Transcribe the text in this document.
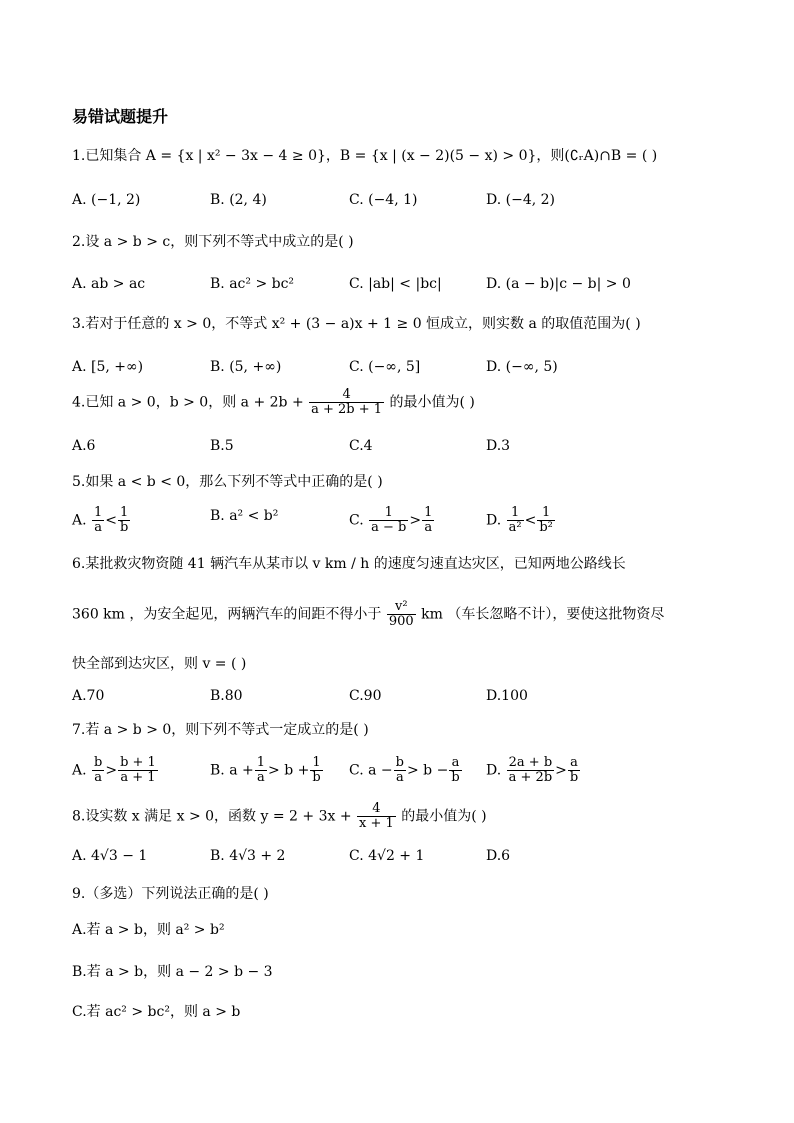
易错试题提升
1.已知集合 A = {x | x² − 3x − 4 ≥ 0}，B = {x | (x − 2)(5 − x) > 0}，则(∁ᵣA)∩B = ( )
A. (−1, 2)	B. (2, 4)	C. (−4, 1)	D. (−4, 2)
2.设 a > b > c，则下列不等式中成立的是( )
A. ab > ac	B. ac² > bc²	C. |ab| < |bc|	D. (a − b)|c − b| > 0
3.若对于任意的 x > 0，不等式 x² + (3 − a)x + 1 ≥ 0 恒成立，则实数 a 的取值范围为( )
A. [5, +∞)	B. (5, +∞)	C. (−∞, 5]	D. (−∞, 5)
4.已知 a > 0，b > 0，则 $a + 2b + \frac{4}{a + 2b + 1}$ 的最小值为( )
A.6	B.5	C.4	D.3
5.如果 a < b < 0，那么下列不等式中正确的是( )
A. $\frac{1}{a} < \frac{1}{b}$	B. a² < b²	C. $\frac{1}{a - b} > \frac{1}{a}$	D. $\frac{1}{\text{a²}} < \frac{1}{\text{b²}}$
6.某批救灾物资随 41 辆汽车从某市以 v km / h 的速度匀速直达灾区，已知两地公路线长
360 km ，为安全起见，两辆汽车的间距不得小于 $\frac{\text{v²}}{900}$ km （车长忽略不计），要使这批物资尽
快全部到达灾区，则 v = ( )
A.70	B.80	C.90	D.100
7.若 a > b > 0，则下列不等式一定成立的是( )
A. $\frac{b}{a} > \frac{b + 1}{a + 1}$	B. $a + \frac{1}{a} > b + \frac{1}{b} C$. $a - \frac{b}{a} > b - \frac{a}{b} D$. $\frac{2a + b}{a + 2b} > \frac{a}{b}$
8.设实数 x 满足 x > 0，函数 $y = 2 + 3x + \frac{4}{x + 1}$ 的最小值为( )
A. 4√3 − 1	B. 4√3 + 2	C. 4√2 + 1	D.6
9.（多选）下列说法正确的是( )
A.若 a > b，则 a² > b²
B.若 a > b，则 a − 2 > b − 3
C.若 ac² > bc²，则 a > b
